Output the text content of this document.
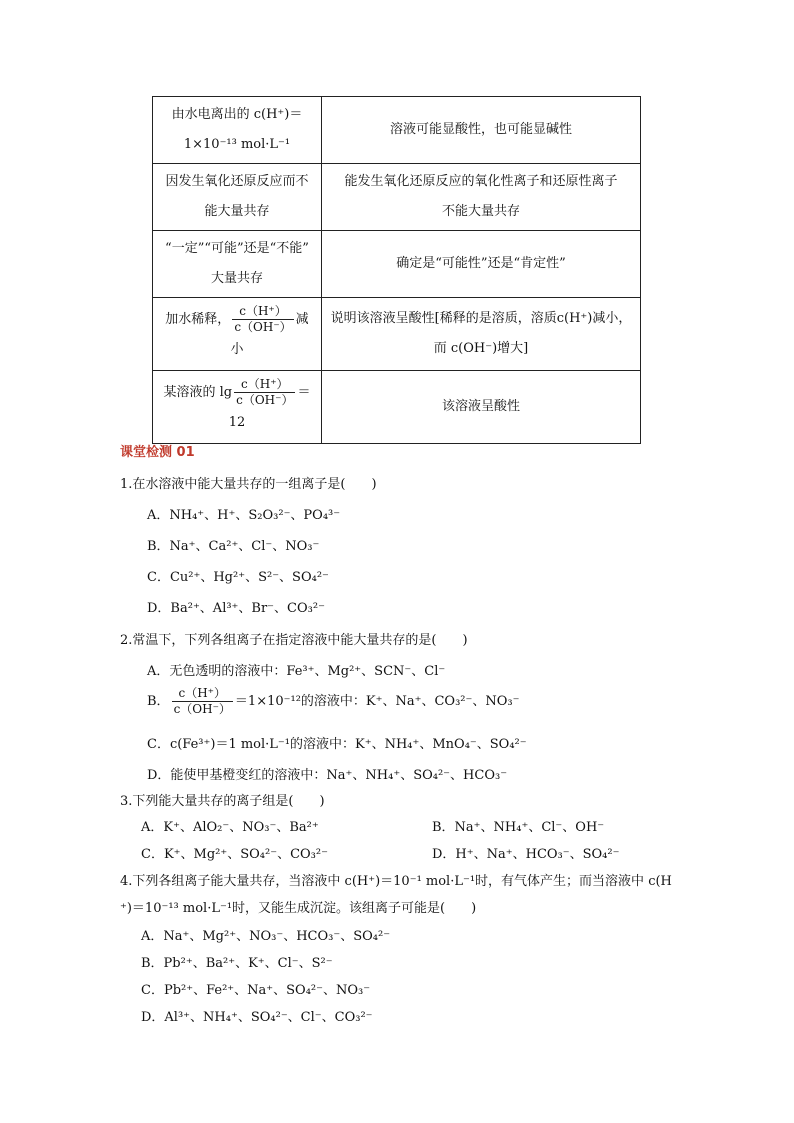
由水电离出的 c(H⁺)＝
1×10⁻¹³ mol·L⁻¹	溶液可能显酸性，也可能显碱性

因发生氧化还原反应而不
能大量共存	能发生氧化还原反应的氧化性离子和还原性离子
不能大量共存

“一定”“可能”还是“不能”
大量共存	确定是“可能性”还是“肯定性”

加水稀释， $\frac{c(H^+)}{c(OH^-)}$ 减
小	说明该溶液呈酸性[稀释的是溶质，溶质c(H⁺)减小，
而 c(OH⁻)增大]

某溶液的 $\lg \frac{c(H^+)}{c(OH^-)}$ ＝
12	该溶液呈酸性
课堂检测 01
1.在水溶液中能大量共存的一组离子是(　　)
A．NH₄⁺、H⁺、S₂O₃²⁻、PO₄³⁻
B．Na⁺、Ca²⁺、Cl⁻、NO₃⁻
C．Cu²⁺、Hg²⁺、S²⁻、SO₄²⁻
D．Ba²⁺、Al³⁺、Br⁻、CO₃²⁻
2.常温下，下列各组离子在指定溶液中能大量共存的是(　　)
A．无色透明的溶液中：Fe³⁺、Mg²⁺、SCN⁻、Cl⁻
B． $\frac{c(H^+)}{c(OH^-)} =1\times 10^{-12}$的溶液中：K⁺、Na⁺、CO₃²⁻、NO₃⁻
C．c(Fe³⁺)＝1 mol·L⁻¹的溶液中：K⁺、NH₄⁺、MnO₄⁻、SO₄²⁻
D．能使甲基橙变红的溶液中：Na⁺、NH₄⁺、SO₄²⁻、HCO₃⁻
3.下列能大量共存的离子组是(　　)
A．K⁺、AlO₂⁻、NO₃⁻、Ba²⁺	B．Na⁺、NH₄⁺、Cl⁻、OH⁻
C．K⁺、Mg²⁺、SO₄²⁻、CO₃²⁻	D．H⁺、Na⁺、HCO₃⁻、SO₄²⁻
4.下列各组离子能大量共存，当溶液中 c(H⁺)＝10⁻¹ mol·L⁻¹时，有气体产生；而当溶液中 c(H
⁺)＝10⁻¹³ mol·L⁻¹时，又能生成沉淀。该组离子可能是(　　)
A．Na⁺、Mg²⁺、NO₃⁻、HCO₃⁻、SO₄²⁻
B．Pb²⁺、Ba²⁺、K⁺、Cl⁻、S²⁻
C．Pb²⁺、Fe²⁺、Na⁺、SO₄²⁻、NO₃⁻
D．Al³⁺、NH₄⁺、SO₄²⁻、Cl⁻、CO₃²⁻
